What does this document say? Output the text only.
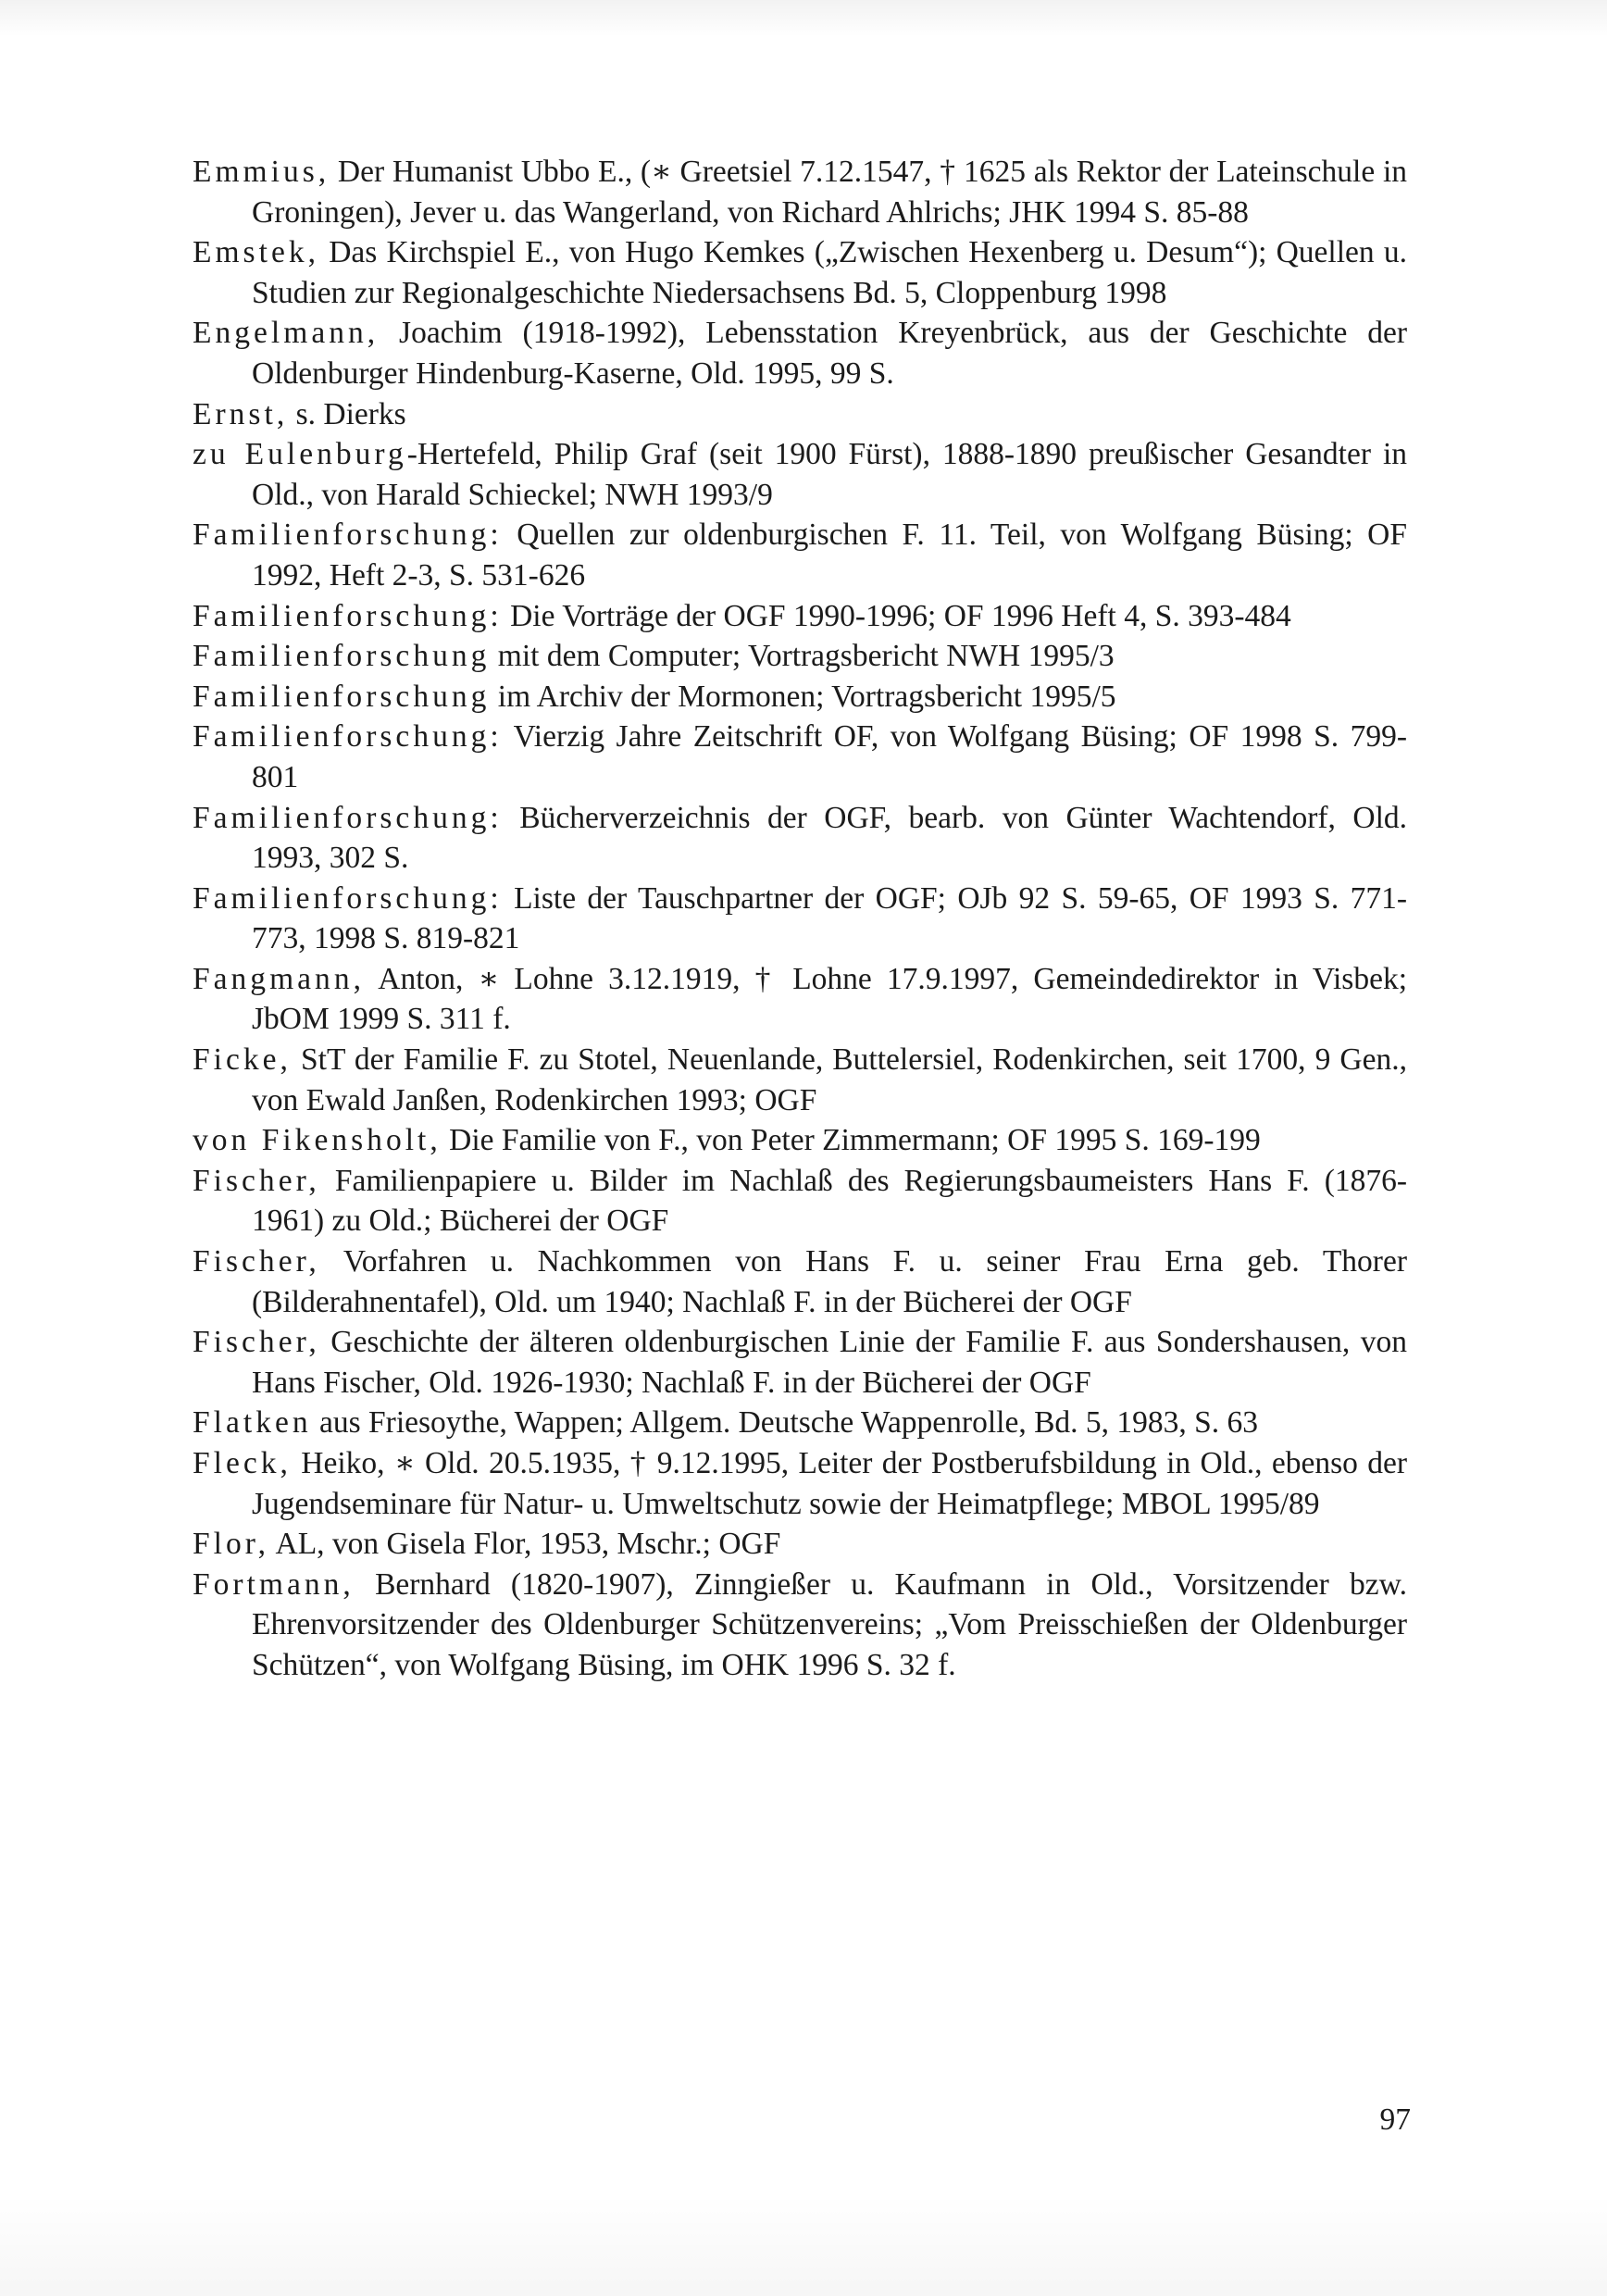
Emmius, Der Humanist Ubbo E., (∗ Greetsiel 7.12.1547, † 1625 als Rektor der Lateinschule in Groningen), Jever u. das Wangerland, von Richard Ahlrichs; JHK 1994 S. 85-88

Emstek, Das Kirchspiel E., von Hugo Kemkes („Zwischen Hexenberg u. Desum“); Quellen u. Studien zur Regionalgeschichte Niedersachsens Bd. 5, Cloppenburg 1998

Engelmann, Joachim (1918-1992), Lebensstation Kreyenbrück, aus der Geschichte der Oldenburger Hindenburg-Kaserne, Old. 1995, 99 S.

Ernst, s. Dierks

zu Eulenburg-Hertefeld, Philip Graf (seit 1900 Fürst), 1888-1890 preußischer Gesandter in Old., von Harald Schieckel; NWH 1993/9

Familienforschung: Quellen zur oldenburgischen F. 11. Teil, von Wolfgang Büsing; OF 1992, Heft 2-3, S. 531-626

Familienforschung: Die Vorträge der OGF 1990-1996; OF 1996 Heft 4, S. 393-484

Familienforschung mit dem Computer; Vortragsbericht NWH 1995/3

Familienforschung im Archiv der Mormonen; Vortragsbericht 1995/5

Familienforschung: Vierzig Jahre Zeitschrift OF, von Wolfgang Büsing; OF 1998 S. 799-801

Familienforschung: Bücherverzeichnis der OGF, bearb. von Günter Wachtendorf, Old. 1993, 302 S.

Familienforschung: Liste der Tauschpartner der OGF; OJb 92 S. 59-65, OF 1993 S. 771-773, 1998 S. 819-821

Fangmann, Anton, ∗ Lohne 3.12.1919, † Lohne 17.9.1997, Gemeindedirektor in Visbek; JbOM 1999 S. 311 f.

Ficke, StT der Familie F. zu Stotel, Neuenlande, Buttelersiel, Rodenkirchen, seit 1700, 9 Gen., von Ewald Janßen, Rodenkirchen 1993; OGF

von Fikensholt, Die Familie von F., von Peter Zimmermann; OF 1995 S. 169-199

Fischer, Familienpapiere u. Bilder im Nachlaß des Regierungsbaumeisters Hans F. (1876-1961) zu Old.; Bücherei der OGF

Fischer, Vorfahren u. Nachkommen von Hans F. u. seiner Frau Erna geb. Thorer (Bilderahnentafel), Old. um 1940; Nachlaß F. in der Bücherei der OGF

Fischer, Geschichte der älteren oldenburgischen Linie der Familie F. aus Sondershausen, von Hans Fischer, Old. 1926-1930; Nachlaß F. in der Bücherei der OGF

Flatken aus Friesoythe, Wappen; Allgem. Deutsche Wappenrolle, Bd. 5, 1983, S. 63

Fleck, Heiko, ∗ Old. 20.5.1935, † 9.12.1995, Leiter der Postberufsbildung in Old., ebenso der Jugendseminare für Natur- u. Umweltschutz sowie der Heimatpflege; MBOL 1995/89

Flor, AL, von Gisela Flor, 1953, Mschr.; OGF

Fortmann, Bernhard (1820-1907), Zinngießer u. Kaufmann in Old., Vorsitzender bzw. Ehrenvorsitzender des Oldenburger Schützenvereins; „Vom Preisschießen der Oldenburger Schützen“, von Wolfgang Büsing, im OHK 1996 S. 32 f.

97
